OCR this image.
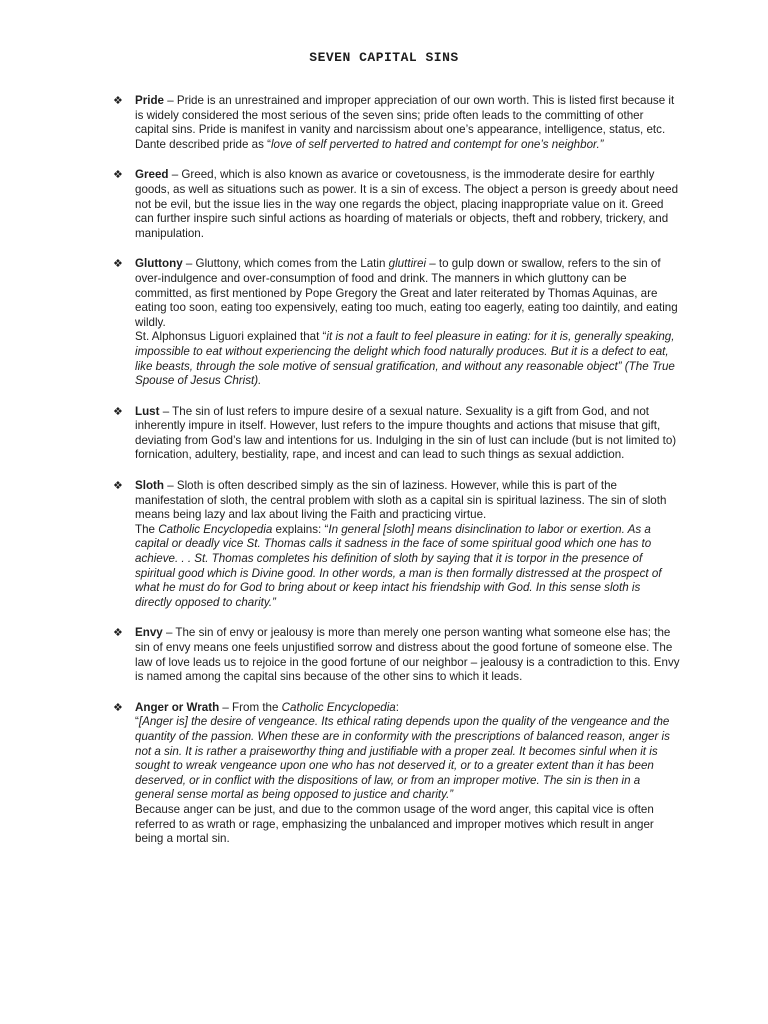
SEVEN CAPITAL SINS
❖ Pride – Pride is an unrestrained and improper appreciation of our own worth. This is listed first because it is widely considered the most serious of the seven sins; pride often leads to the committing of other capital sins. Pride is manifest in vanity and narcissism about one’s appearance, intelligence, status, etc. Dante described pride as “love of self perverted to hatred and contempt for one’s neighbor.”

❖ Greed – Greed, which is also known as avarice or covetousness, is the immoderate desire for earthly goods, as well as situations such as power. It is a sin of excess. The object a person is greedy about need not be evil, but the issue lies in the way one regards the object, placing inappropriate value on it. Greed can further inspire such sinful actions as hoarding of materials or objects, theft and robbery, trickery, and manipulation.

❖ Gluttony – Gluttony, which comes from the Latin gluttirei – to gulp down or swallow, refers to the sin of over-indulgence and over-consumption of food and drink. The manners in which gluttony can be committed, as first mentioned by Pope Gregory the Great and later reiterated by Thomas Aquinas, are eating too soon, eating too expensively, eating too much, eating too eagerly, eating too daintily, and eating wildly.

St. Alphonsus Liguori explained that “it is not a fault to feel pleasure in eating: for it is, generally speaking, impossible to eat without experiencing the delight which food naturally produces. But it is a defect to eat, like beasts, through the sole motive of sensual gratification, and without any reasonable object” (The True Spouse of Jesus Christ).

❖ Lust – The sin of lust refers to impure desire of a sexual nature. Sexuality is a gift from God, and not inherently impure in itself. However, lust refers to the impure thoughts and actions that misuse that gift, deviating from God’s law and intentions for us. Indulging in the sin of lust can include (but is not limited to) fornication, adultery, bestiality, rape, and incest and can lead to such things as sexual addiction.

❖ Sloth – Sloth is often described simply as the sin of laziness. However, while this is part of the manifestation of sloth, the central problem with sloth as a capital sin is spiritual laziness. The sin of sloth means being lazy and lax about living the Faith and practicing virtue.

The Catholic Encyclopedia explains: “In general [sloth] means disinclination to labor or exertion. As a capital or deadly vice St. Thomas calls it sadness in the face of some spiritual good which one has to achieve. . . St. Thomas completes his definition of sloth by saying that it is torpor in the presence of spiritual good which is Divine good. In other words, a man is then formally distressed at the prospect of what he must do for God to bring about or keep intact his friendship with God. In this sense sloth is directly opposed to charity.”

❖ Envy – The sin of envy or jealousy is more than merely one person wanting what someone else has; the sin of envy means one feels unjustified sorrow and distress about the good fortune of someone else. The law of love leads us to rejoice in the good fortune of our neighbor – jealousy is a contradiction to this. Envy is named among the capital sins because of the other sins to which it leads.

❖ Anger or Wrath – From the Catholic Encyclopedia:

“[Anger is] the desire of vengeance. Its ethical rating depends upon the quality of the vengeance and the quantity of the passion. When these are in conformity with the prescriptions of balanced reason, anger is not a sin. It is rather a praiseworthy thing and justifiable with a proper zeal. It becomes sinful when it is sought to wreak vengeance upon one who has not deserved it, or to a greater extent than it has been deserved, or in conflict with the dispositions of law, or from an improper motive. The sin is then in a general sense mortal as being opposed to justice and charity.”

Because anger can be just, and due to the common usage of the word anger, this capital vice is often referred to as wrath or rage, emphasizing the unbalanced and improper motives which result in anger being a mortal sin.
